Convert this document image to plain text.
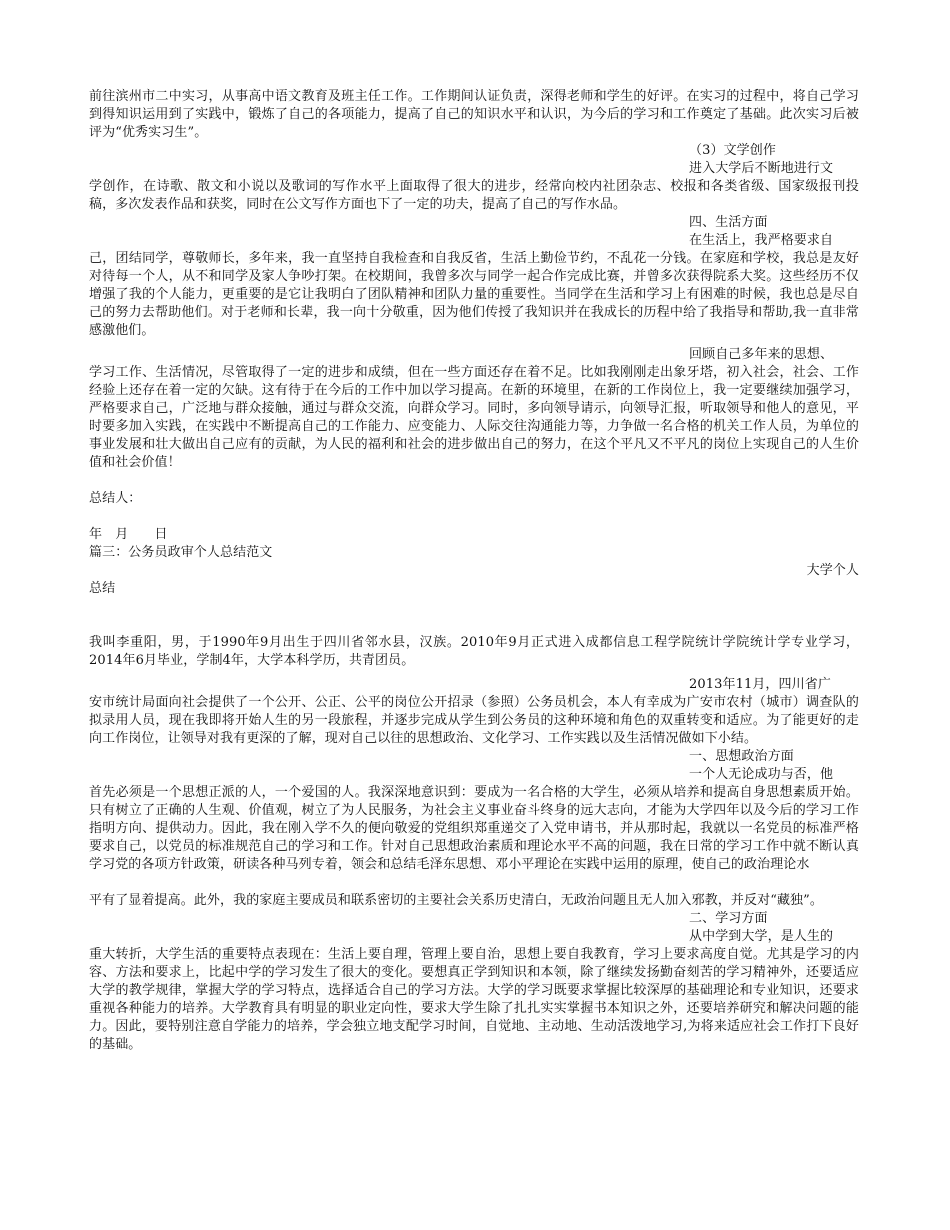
前往滨州市二中实习，从事高中语文教育及班主任工作。工作期间认证负责，深得老师和学生的好评。在实习的过程中，将自己学习到得知识运用到了实践中，锻炼了自己的各项能力，提高了自己的知识水平和认识，为今后的学习和工作奠定了基础。此次实习后被评为“优秀实习生”。

（3）文学创作

进入大学后不断地进行文

学创作，在诗歌、散文和小说以及歌词的写作水平上面取得了很大的进步，经常向校内社团杂志、校报和各类省级、国家级报刊投稿，多次发表作品和获奖，同时在公文写作方面也下了一定的功夫，提高了自己的写作水品。

四、生活方面

在生活上，我严格要求自

己，团结同学，尊敬师长，多年来，我一直坚持自我检查和自我反省，生活上勤俭节约，不乱花一分钱。在家庭和学校，我总是友好对待每一个人，从不和同学及家人争吵打架。在校期间，我曾多次与同学一起合作完成比赛，并曾多次获得院系大奖。这些经历不仅增强了我的个人能力，更重要的是它让我明白了团队精神和团队力量的重要性。当同学在生活和学习上有困难的时候，我也总是尽自己的努力去帮助他们。对于老师和长辈，我一向十分敬重，因为他们传授了我知识并在我成长的历程中给了我指导和帮助,我一直非常感激他们。

回顾自己多年来的思想、

学习工作、生活情况，尽管取得了一定的进步和成绩，但在一些方面还存在着不足。比如我刚刚走出象牙塔，初入社会，社会、工作经验上还存在着一定的欠缺。这有待于在今后的工作中加以学习提高。在新的环境里，在新的工作岗位上，我一定要继续加强学习，严格要求自己，广泛地与群众接触，通过与群众交流，向群众学习。同时，多向领导请示，向领导汇报，听取领导和他人的意见，平时要多加入实践，在实践中不断提高自己的工作能力、应变能力、人际交往沟通能力等，力争做一名合格的机关工作人员，为单位的事业发展和壮大做出自己应有的贡献，为人民的福利和社会的进步做出自己的努力，在这个平凡又不平凡的岗位上实现自己的人生价值和社会价值！

总结人：

年　月　　日

篇三：公务员政审个人总结范文

大学个人

总结

我叫李重阳，男，于1990年9月出生于四川省邻水县，汉族。2010年9月正式进入成都信息工程学院统计学院统计学专业学习，2014年6月毕业，学制4年，大学本科学历，共青团员。

2013年11月，四川省广

安市统计局面向社会提供了一个公开、公正、公平的岗位公开招录（参照）公务员机会，本人有幸成为广安市农村（城市）调查队的拟录用人员，现在我即将开始人生的另一段旅程，并逐步完成从学生到公务员的这种环境和角色的双重转变和适应。为了能更好的走向工作岗位，让领导对我有更深的了解，现对自己以往的思想政治、文化学习、工作实践以及生活情况做如下小结。

一、思想政治方面

一个人无论成功与否，他

首先必须是一个思想正派的人，一个爱国的人。我深深地意识到：要成为一名合格的大学生，必须从培养和提高自身思想素质开始。只有树立了正确的人生观、价值观，树立了为人民服务，为社会主义事业奋斗终身的远大志向，才能为大学四年以及今后的学习工作指明方向、提供动力。因此，我在刚入学不久的便向敬爱的党组织郑重递交了入党申请书，并从那时起，我就以一名党员的标准严格要求自己，以党员的标准规范自己的学习和工作。针对自己思想政治素质和理论水平不高的问题，我在日常的学习工作中就不断认真学习党的各项方针政策，研读各种马列专着，领会和总结毛泽东思想、邓小平理论在实践中运用的原理，使自己的政治理论水

平有了显着提高。此外，我的家庭主要成员和联系密切的主要社会关系历史清白，无政治问题且无人加入邪教，并反对“藏独”。

二、学习方面

从中学到大学，是人生的

重大转折，大学生活的重要特点表现在：生活上要自理，管理上要自治，思想上要自我教育，学习上要求高度自觉。尤其是学习的内容、方法和要求上，比起中学的学习发生了很大的变化。要想真正学到知识和本领，除了继续发扬勤奋刻苦的学习精神外，还要适应大学的教学规律，掌握大学的学习特点，选择适合自己的学习方法。大学的学习既要求掌握比较深厚的基础理论和专业知识，还要求重视各种能力的培养。大学教育具有明显的职业定向性，要求大学生除了扎扎实实掌握书本知识之外，还要培养研究和解决问题的能力。因此，要特别注意自学能力的培养，学会独立地支配学习时间，自觉地、主动地、生动活泼地学习,为将来适应社会工作打下良好的基础。
